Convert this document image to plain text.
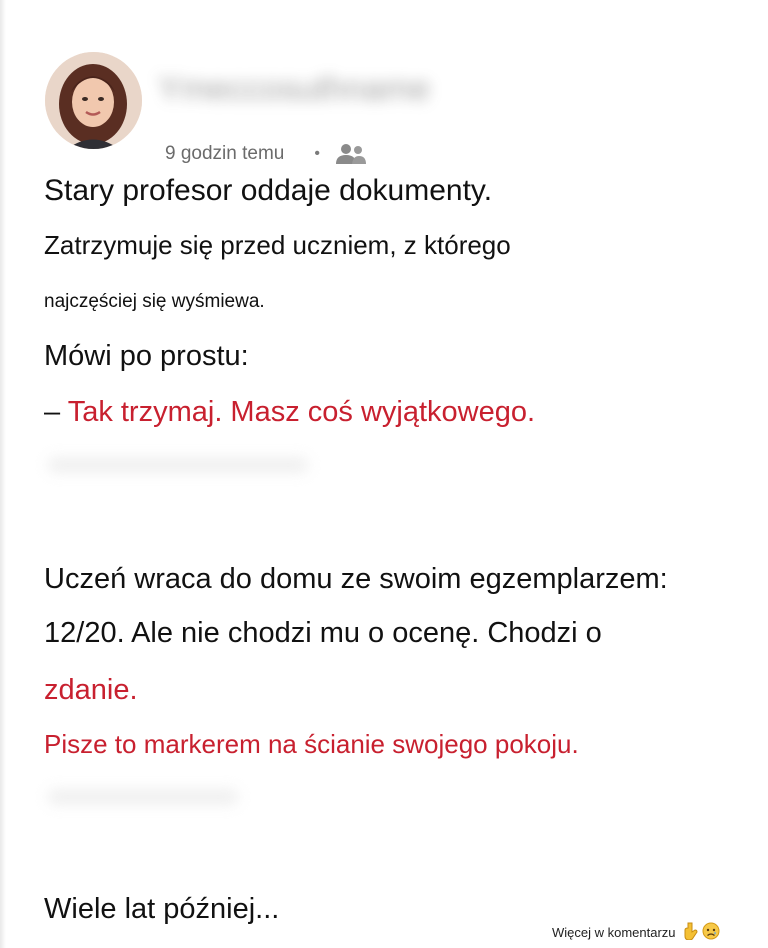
Ymeccosuthname
9 godzin temu •
Stary profesor oddaje dokumenty.
Zatrzymuje się przed uczniem, z którego
najczęściej się wyśmiewa.
Mówi po prostu:
– Tak trzymaj. Masz coś wyjątkowego.
Uczeń wraca do domu ze swoim egzemplarzem:
12/20. Ale nie chodzi mu o ocenę. Chodzi o
zdanie.
Pisze to markerem na ścianie swojego pokoju.
Wiele lat później...
Więcej w komentarzu
